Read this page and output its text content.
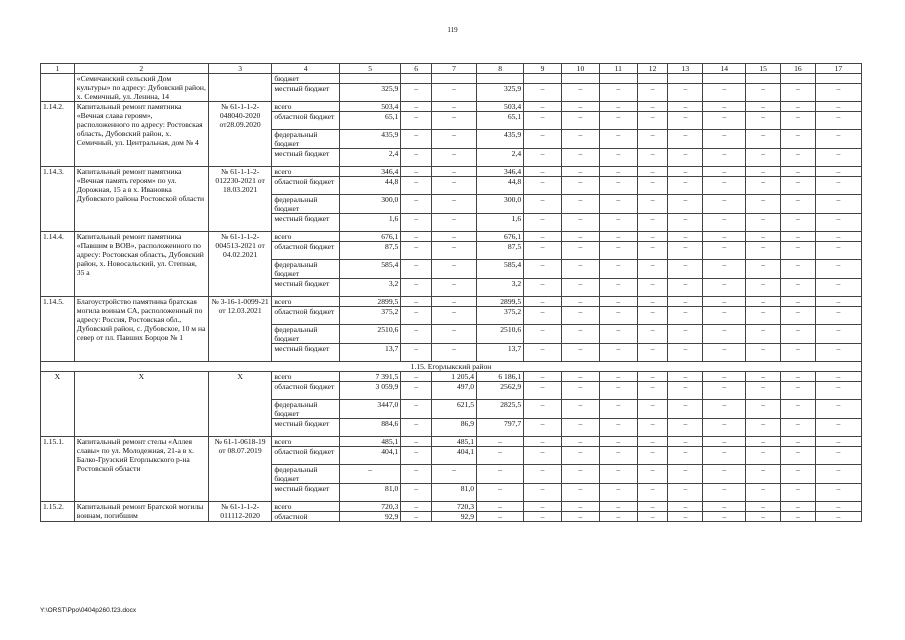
119
1	2	3	4	5	6	7	8	9	10	11	12	13	14	15	16	17
	«Семичанский сельский Дом культуры» по адресу: Дубовский район, х. Семичный, ул. Ленина, 14		бюджет													
			местный бюджет	325,9	–	–	325,9	–	–	–	–	–	–	–	–	–
1.14.2.	Капитальный ремонт памятника «Вечная слава героям», расположенного по адресу: Ростовская область, Дубовский район, х. Семичный, ул. Центральная, дом № 4	№ 61-1-1-2-048040-2020 от28.09.2020	всего	503,4	–	–	503,4	–	–	–	–	–	–	–	–	–
			областной бюджет	65,1	–	–	65,1	–	–	–	–	–	–	–	–	–
			федеральный бюджет	435,9	–	–	435,9	–	–	–	–	–	–	–	–	–
			местный бюджет	2,4	–	–	2,4	–	–	–	–	–	–	–	–	–
1.14.3.	Капитальный ремонт памятника «Вечная память героям» по ул. Дорожная, 15 а в х. Ивановка Дубовского района Ростовской области	№ 61-1-1-2-012230-2021 от 18.03.2021	всего	346,4	–	–	346,4	–	–	–	–	–	–	–	–	–
			областной бюджет	44,8	–	–	44,8	–	–	–	–	–	–	–	–	–
			федеральный бюджет	300,0	–	–	300,0	–	–	–	–	–	–	–	–	–
			местный бюджет	1,6	–	–	1,6	–	–	–	–	–	–	–	–	–
1.14.4.	Капитальный ремонт памятника «Павшим в ВОВ», расположенного по адресу: Ростовская область, Дубовский район, х. Новосальский, ул. Степная, 35 а	№ 61-1-1-2-004513-2021 от 04.02.2021	всего	676,1	–	–	676,1	–	–	–	–	–	–	–	–	–
			областной бюджет	87,5	–	–	87,5	–	–	–	–	–	–	–	–	–
			федеральный бюджет	585,4	–	–	585,4	–	–	–	–	–	–	–	–	–
			местный бюджет	3,2	–	–	3,2	–	–	–	–	–	–	–	–	–
1.14.5.	Благоустройство памятника братская могила воинам СА, расположенный по адресу: Россия, Ростовская обл., Дубовский район, с. Дубовское, 10 м на север от пл. Павших Борцов № 1	№ 3-16-1-0099-21 от 12.03.2021	всего	2899,5	–	–	2899,5	–	–	–	–	–	–	–	–	–
			областной бюджет	375,2	–	–	375,2	–	–	–	–	–	–	–	–	–
			федеральный бюджет	2510,6	–	–	2510,6	–	–	–	–	–	–	–	–	–
			местный бюджет	13,7	–	–	13,7	–	–	–	–	–	–	–	–	–
1.15. Егорлыкский район																
Х	Х	Х	всего	7 391,5	–	1 205,4	6 186,1	–	–	–	–	–	–	–	–	–
			областной бюджет	3 059,9	–	497,0	2562,9	–	–	–	–	–	–	–	–	–
			федеральный бюджет	3447,0	–	621,5	2825,5	–	–	–	–	–	–	–	–	–
			местный бюджет	884,6	–	86,9	797,7	–	–	–	–	–	–	–	–	–
1.15.1.	Капитальный ремонт стелы «Аллея славы» по ул. Молодежная, 21-а в х. Балко-Грузский Егорлыкского р-на Ростовской области	№ 61-1-0618-19 от 08.07.2019	всего	485,1	–	485,1	–	–	–	–	–	–	–	–	–	–
			областной бюджет	404,1	–	404,1	–	–	–	–	–	–	–	–	–	–
			федеральный бюджет	–	–	–	–	–	–	–	–	–	–	–	–	–
			местный бюджет	81,0	–	81,0	–	–	–	–	–	–	–	–	–	–
1.15.2.	Капитальный ремонт Братской могилы воинам, погибшим	№ 61-1-1-2-011112-2020	всего	720,3	–	720,3	–	–	–	–	–	–	–	–	–	–
			областной	92,9	–	92,9	–	–	–	–	–	–	–	–	–	–
Y:\ORST\Ppo\0404p260.f23.docx
